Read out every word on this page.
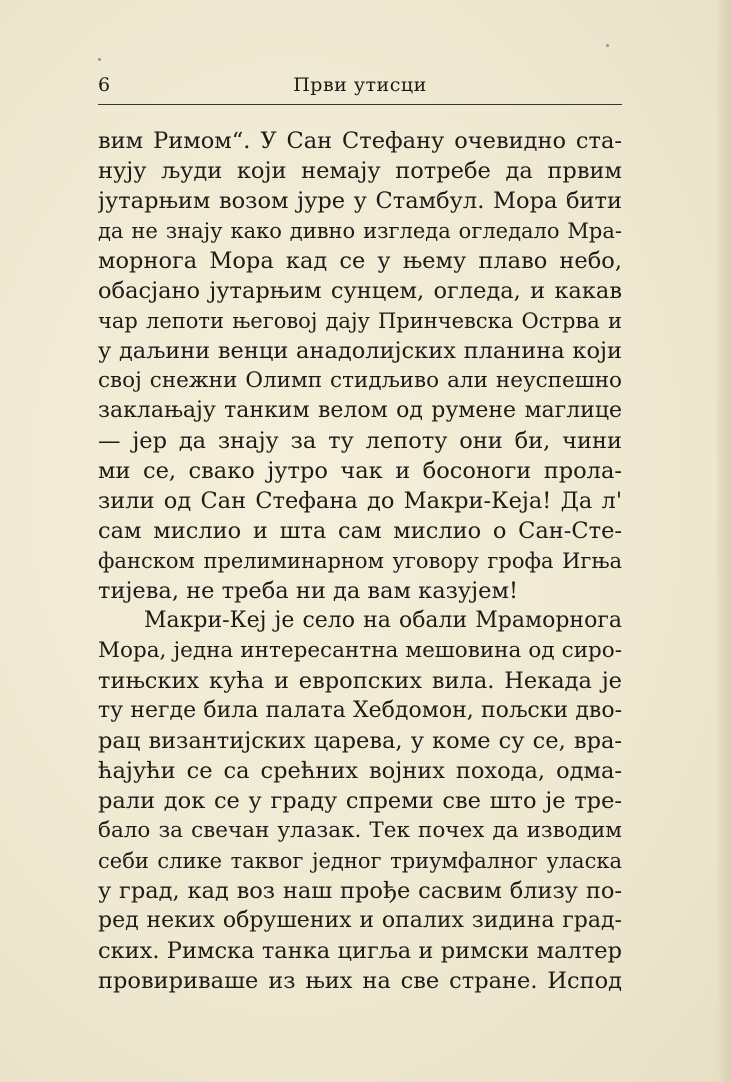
6	Први утисци
вим Римом“. У Сан Стефану очевидно ста-
нују људи који немају потребе да првим
јутарњим возом јуре у Стамбул. Мора бити
да не знају како дивно изгледа огледало Мра-
морнога Мора кад се у њему плаво небо,
обасјано јутарњим сунцем, огледа, и какав
чар лепоти његовој дају Принчевска Острва и
у даљини венци анадолијских планина који
свој снежни Олимп стидљиво али неуспешно
заклањају танким велом од румене маглице
— јер да знају за ту лепоту они би, чини
ми се, свако јутро чак и босоноги прола-
зили од Сан Стефана до Макри-Кеја! Да л'
сам мислио и шта сам мислио о Сан-Сте-
фанском прелиминарном уговору грофа Игња
тијева, не треба ни да вам казујем!
Макри-Кеј је село на обали Мраморнога
Мора, једна интересантна мешовина од сиро-
тињских кућа и европских вила. Некада је
ту негде била палата Хебдомон, пољски дво-
рац византијских царева, у коме су се, вра-
ћајући се са срећних војних похода, одма-
рали док се у граду спреми све што је тре-
бало за свечан улазак. Тек почех да изводим
себи слике таквог једног триумфалног уласка
у град, кад воз наш прође сасвим близу по-
ред неких обрушених и опалих зидина град-
ских. Римска танка цигља и римски малтер
провириваше из њих на све стране. Испод
